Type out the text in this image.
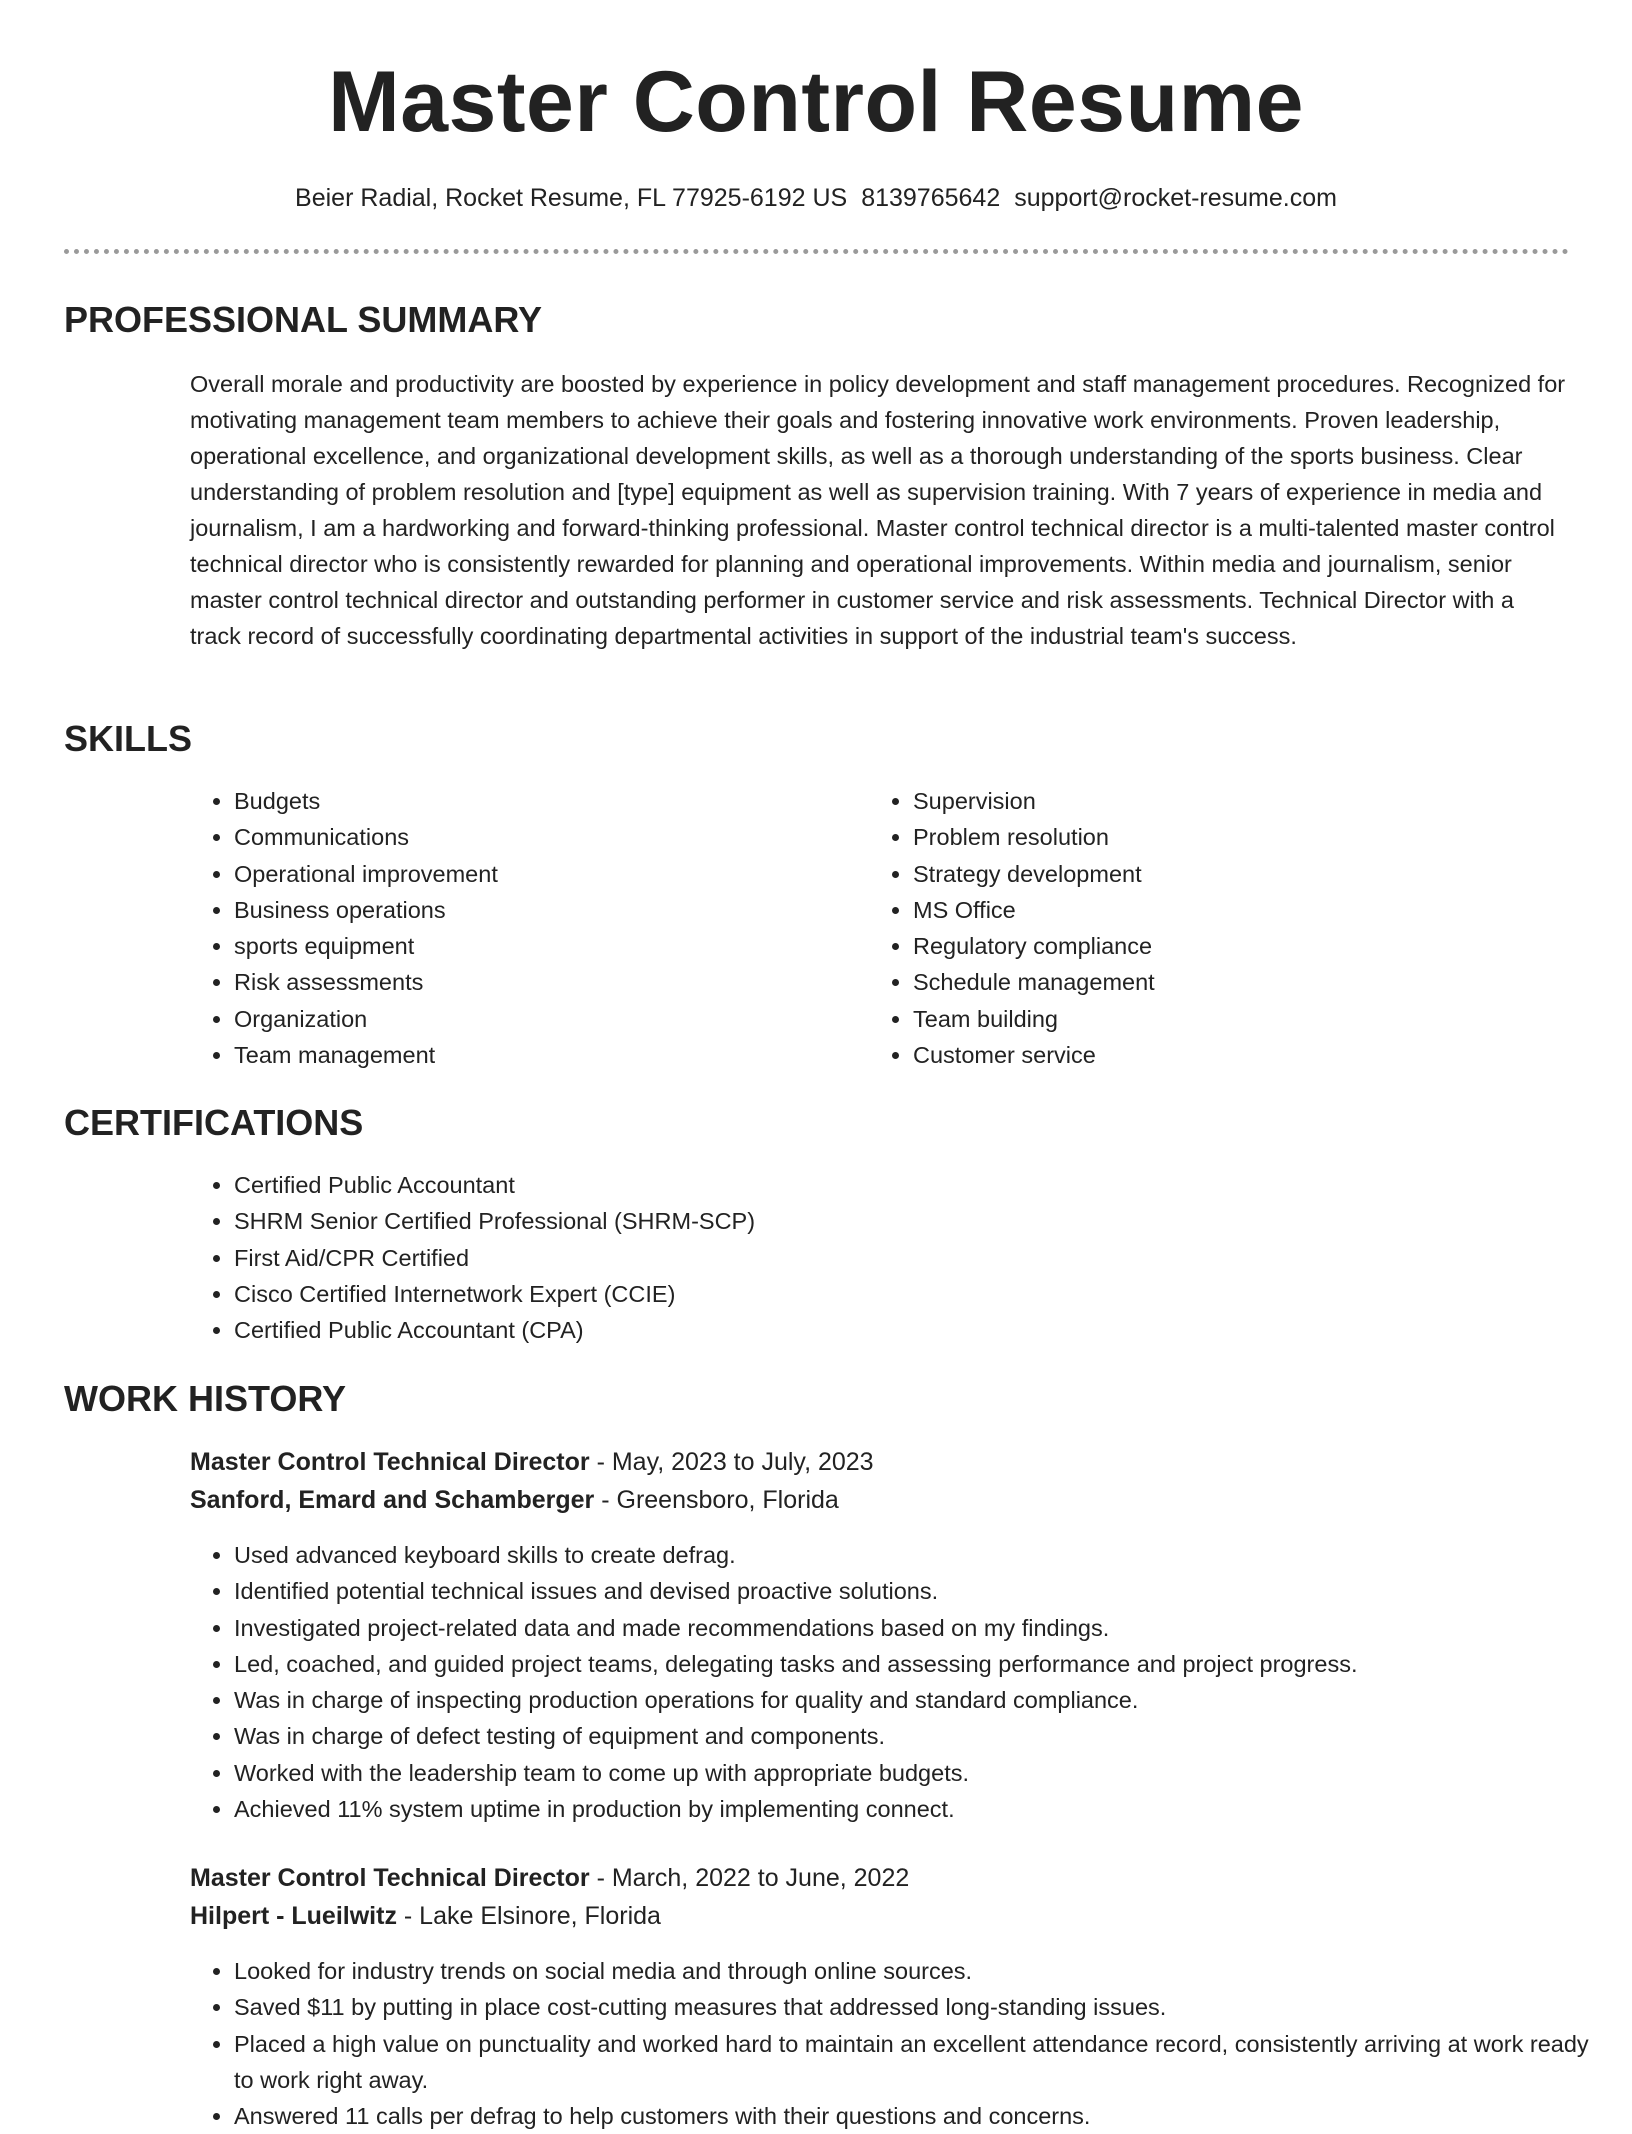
Master Control Resume
Beier Radial, Rocket Resume, FL 77925-6192 US 8139765642 support@rocket-resume.com
PROFESSIONAL SUMMARY

Overall morale and productivity are boosted by experience in policy development and staff management procedures. Recognized for motivating management team members to achieve their goals and fostering innovative work environments. Proven leadership, operational excellence, and organizational development skills, as well as a thorough understanding of the sports business. Clear understanding of problem resolution and [type] equipment as well as supervision training. With 7 years of experience in media and journalism, I am a hardworking and forward-thinking professional. Master control technical director is a multi-talented master control technical director who is consistently rewarded for planning and operational improvements. Within media and journalism, senior master control technical director and outstanding performer in customer service and risk assessments. Technical Director with a track record of successfully coordinating departmental activities in support of the industrial team's success.

SKILLS
• Budgets
• Communications
• Operational improvement
• Business operations
• sports equipment
• Risk assessments
• Organization
• Team management
• Supervision
• Problem resolution
• Strategy development
• MS Office
• Regulatory compliance
• Schedule management
• Team building
• Customer service
CERTIFICATIONS
• Certified Public Accountant
• SHRM Senior Certified Professional (SHRM-SCP)
• First Aid/CPR Certified
• Cisco Certified Internetwork Expert (CCIE)
• Certified Public Accountant (CPA)
WORK HISTORY
Master Control Technical Director - May, 2023 to July, 2023
Sanford, Emard and Schamberger - Greensboro, Florida
• Used advanced keyboard skills to create defrag.
• Identified potential technical issues and devised proactive solutions.
• Investigated project-related data and made recommendations based on my findings.
• Led, coached, and guided project teams, delegating tasks and assessing performance and project progress.
• Was in charge of inspecting production operations for quality and standard compliance.
• Was in charge of defect testing of equipment and components.
• Worked with the leadership team to come up with appropriate budgets.
• Achieved 11% system uptime in production by implementing connect.
Master Control Technical Director - March, 2022 to June, 2022
Hilpert - Lueilwitz - Lake Elsinore, Florida
• Looked for industry trends on social media and through online sources.
• Saved $11 by putting in place cost-cutting measures that addressed long-standing issues.
• Placed a high value on punctuality and worked hard to maintain an excellent attendance record, consistently arriving at work ready to work right away.
• Answered 11 calls per defrag to help customers with their questions and concerns.
